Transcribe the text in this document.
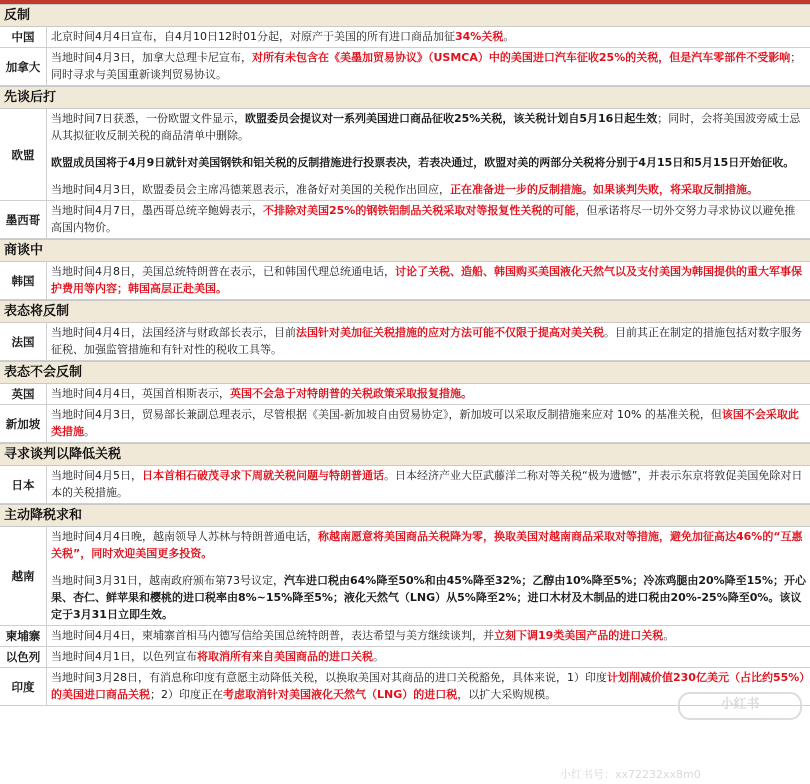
反制
中国	北京时间4月4日宣布，自4月10日12时01分起，对原产于美国的所有进口商品加征34%关税。

加拿大

当地时间4月3日，加拿大总理卡尼宣布，对所有未包含在《美墨加贸易协议》（USMCA）中的美国进口汽车征收25%的关税，但是汽车零部件不受影响；同时寻求与美国重新谈判贸易协议。

先谈后打
欧盟

当地时间7日获悉，一份欧盟文件显示，欧盟委员会提议对一系列美国进口商品征收25%关税，该关税计划自5月16日起生效；同时，会将美国波旁威士忌从其拟征收反制关税的商品清单中删除。

欧盟成员国将于4月9日就针对美国钢铁和铝关税的反制措施进行投票表决，若表决通过，欧盟对美的两部分关税将分别于4月15日和5月15日开始征收。

当地时间4月3日，欧盟委员会主席冯德莱恩表示，准备好对美国的关税作出回应，正在准备进一步的反制措施。如果谈判失败，将采取反制措施。

墨西哥

当地时间4月7日，墨西哥总统辛鲍姆表示，不排除对美国25%的钢铁铝制品关税采取对等报复性关税的可能，但承诺将尽一切外交努力寻求协议以避免推高国内物价。

商谈中
韩国

当地时间4月8日，美国总统特朗普在表示，已和韩国代理总统通电话，讨论了关税、造船、韩国购买美国液化天然气以及支付美国为韩国提供的重大军事保护费用等内容；韩国高层正赴美国。

表态将反制
法国

当地时间4月4日，法国经济与财政部长表示，目前法国针对美加征关税措施的应对方法可能不仅限于提高对美关税。目前其正在制定的措施包括对数字服务征税、加强监管措施和有针对性的税收工具等。

表态不会反制
英国	当地时间4月4日，英国首相斯表示，英国不会急于对特朗普的关税政策采取报复措施。

新加坡

当地时间4月3日，贸易部长兼副总理表示，尽管根据《美国-新加坡自由贸易协定》，新加坡可以采取反制措施来应对 10% 的基准关税，但该国不会采取此类措施。

寻求谈判以降低关税
日本

当地时间4月5日，日本首相石破茂寻求下周就关税问题与特朗普通话。日本经济产业大臣武藤洋二称对等关税“极为遗憾”，并表示东京将敦促美国免除对日本的关税措施。

主动降税求和
越南

当地时间4月4日晚，越南领导人苏林与特朗普通电话，称越南愿意将美国商品关税降为零，换取美国对越南商品采取对等措施，避免加征高达46%的“互惠关税”，同时欢迎美国更多投资。

当地时间3月31日，越南政府颁布第73号议定，汽车进口税由64%降至50%和由45%降至32%；乙醇由10%降至5%；冷冻鸡腿由20%降至15%；开心果、杏仁、鲜苹果和樱桃的进口税率由8%~15%降至5%；液化天然气（LNG）从5%降至2%；进口木材及木制品的进口税由20%-25%降至0%。该议定于3月31日立即生效。

柬埔寨 当地时间4月4日，柬埔寨首相马内德写信给美国总统特朗普，表达希望与美方继续谈判，并立刻下调19类美国产品的进口关税。

以色列 当地时间4月1日，以色列宣布将取消所有来自美国商品的进口关税。

印度

当地时间3月28日，有消息称印度有意愿主动降低关税，以换取美国对其商品的进口关税豁免，具体来说，1）印度计划削减价值230亿美元（占比约55%）的美国进口商品关税；2）印度正在考虑取消针对美国液化天然气（LNG）的进口税，以扩大采购规模。

小红书
小红书号：xx72232xx8m0
